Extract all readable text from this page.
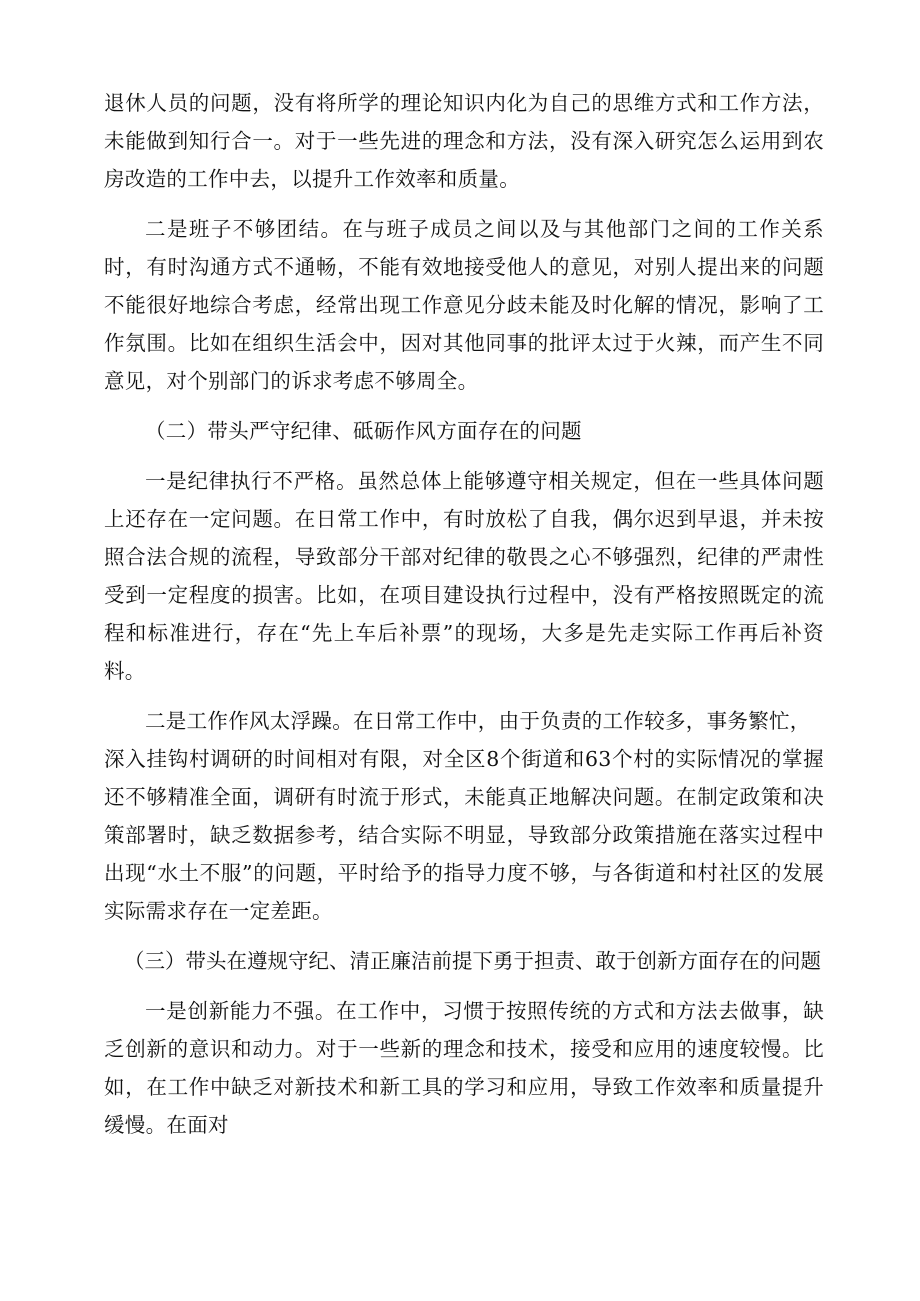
退休人员的问题，没有将所学的理论知识内化为自己的思维方式和工作方法，未能做到知行合一。对于一些先进的理念和方法，没有深入研究怎么运用到农房改造的工作中去，以提升工作效率和质量。

二是班子不够团结。在与班子成员之间以及与其他部门之间的工作关系时，有时沟通方式不通畅，不能有效地接受他人的意见，对别人提出来的问题不能很好地综合考虑，经常出现工作意见分歧未能及时化解的情况，影响了工作氛围。比如在组织生活会中，因对其他同事的批评太过于火辣，而产生不同意见，对个别部门的诉求考虑不够周全。

（二）带头严守纪律、砥砺作风方面存在的问题

一是纪律执行不严格。虽然总体上能够遵守相关规定，但在一些具体问题上还存在一定问题。在日常工作中，有时放松了自我，偶尔迟到早退，并未按照合法合规的流程，导致部分干部对纪律的敬畏之心不够强烈，纪律的严肃性受到一定程度的损害。比如，在项目建设执行过程中，没有严格按照既定的流程和标准进行，存在“先上车后补票”的现场，大多是先走实际工作再后补资料。

二是工作作风太浮躁。在日常工作中，由于负责的工作较多，事务繁忙，

深入挂钩村调研的时间相对有限，对全区8个街道和63个村的实际情况的掌握还不够精准全面，调研有时流于形式，未能真正地解决问题。在制定政策和决策部署时，缺乏数据参考，结合实际不明显，导致部分政策措施在落实过程中出现“水土不服”的问题，平时给予的指导力度不够，与各街道和村社区的发展实际需求存在一定差距。

（三）带头在遵规守纪、清正廉洁前提下勇于担责、敢于创新方面存在的问题

一是创新能力不强。在工作中，习惯于按照传统的方式和方法去做事，缺乏创新的意识和动力。对于一些新的理念和技术，接受和应用的速度较慢。比如，在工作中缺乏对新技术和新工具的学习和应用，导致工作效率和质量提升缓慢。在面对
